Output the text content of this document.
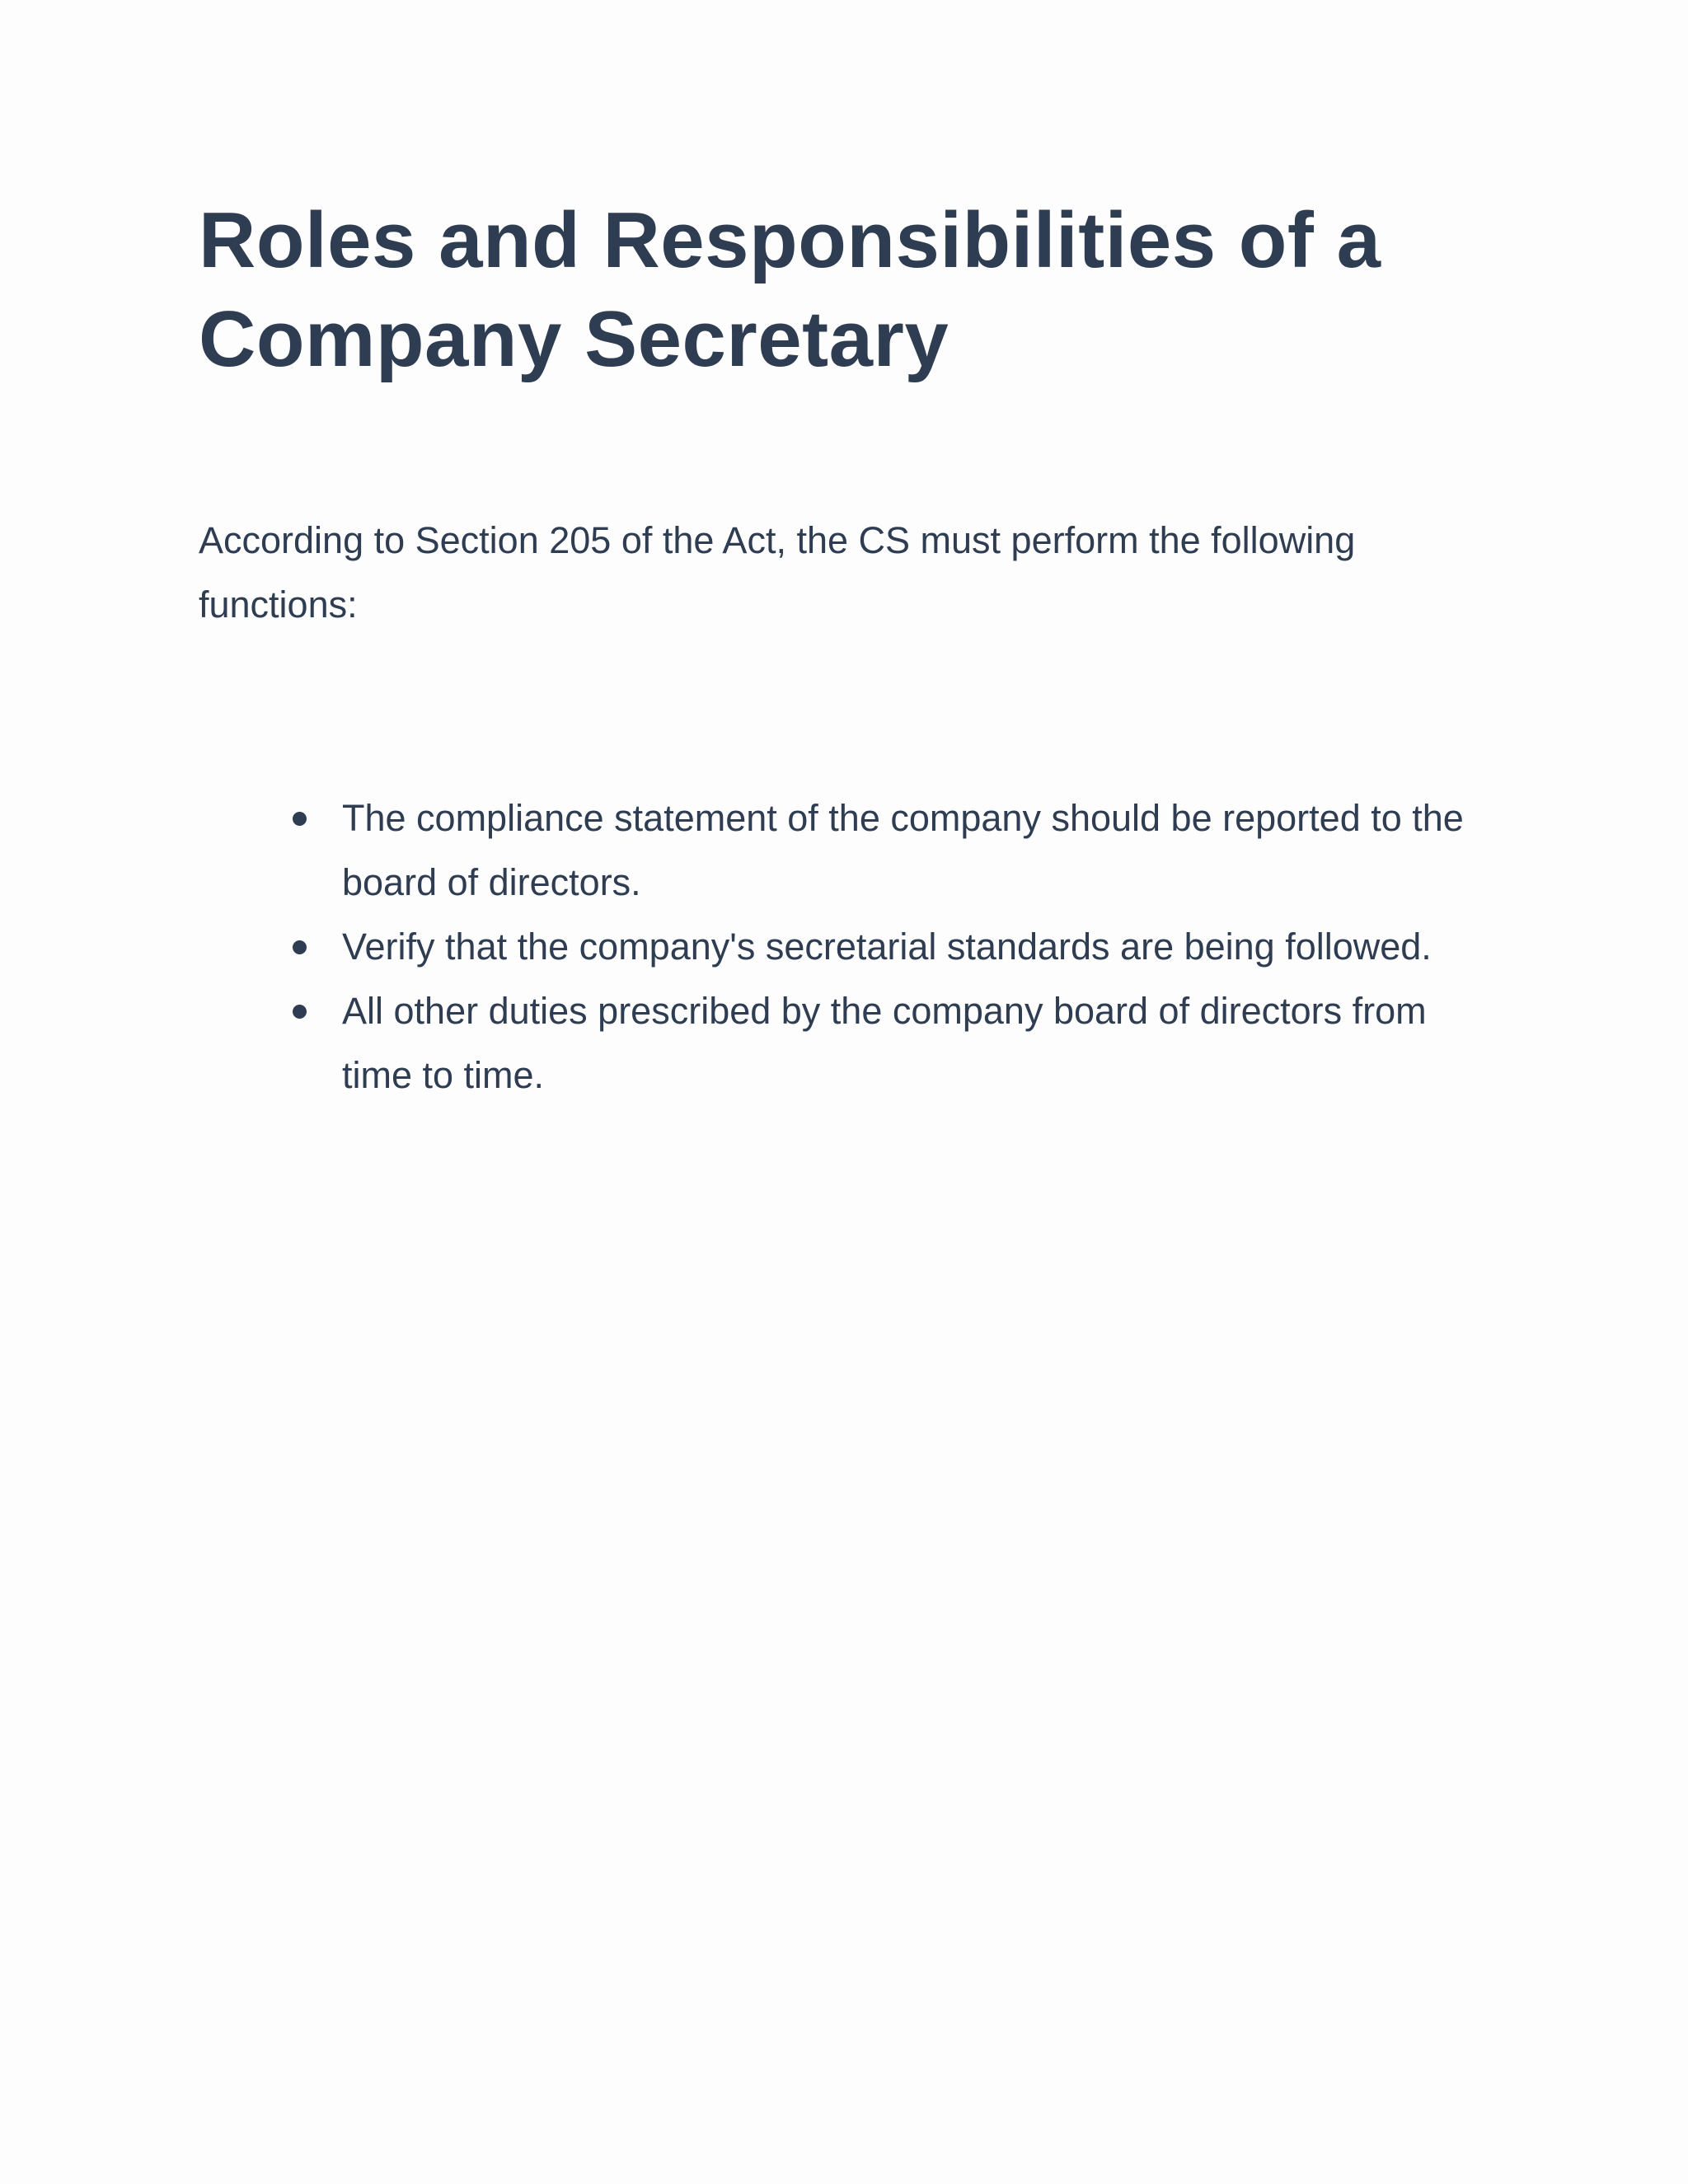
Roles and Responsibilities of a Company Secretary

According to Section 205 of the Act, the CS must perform the following functions:

The compliance statement of the company should be reported to the board of directors.
Verify that the company's secretarial standards are being followed.
All other duties prescribed by the company board of directors from time to time.
